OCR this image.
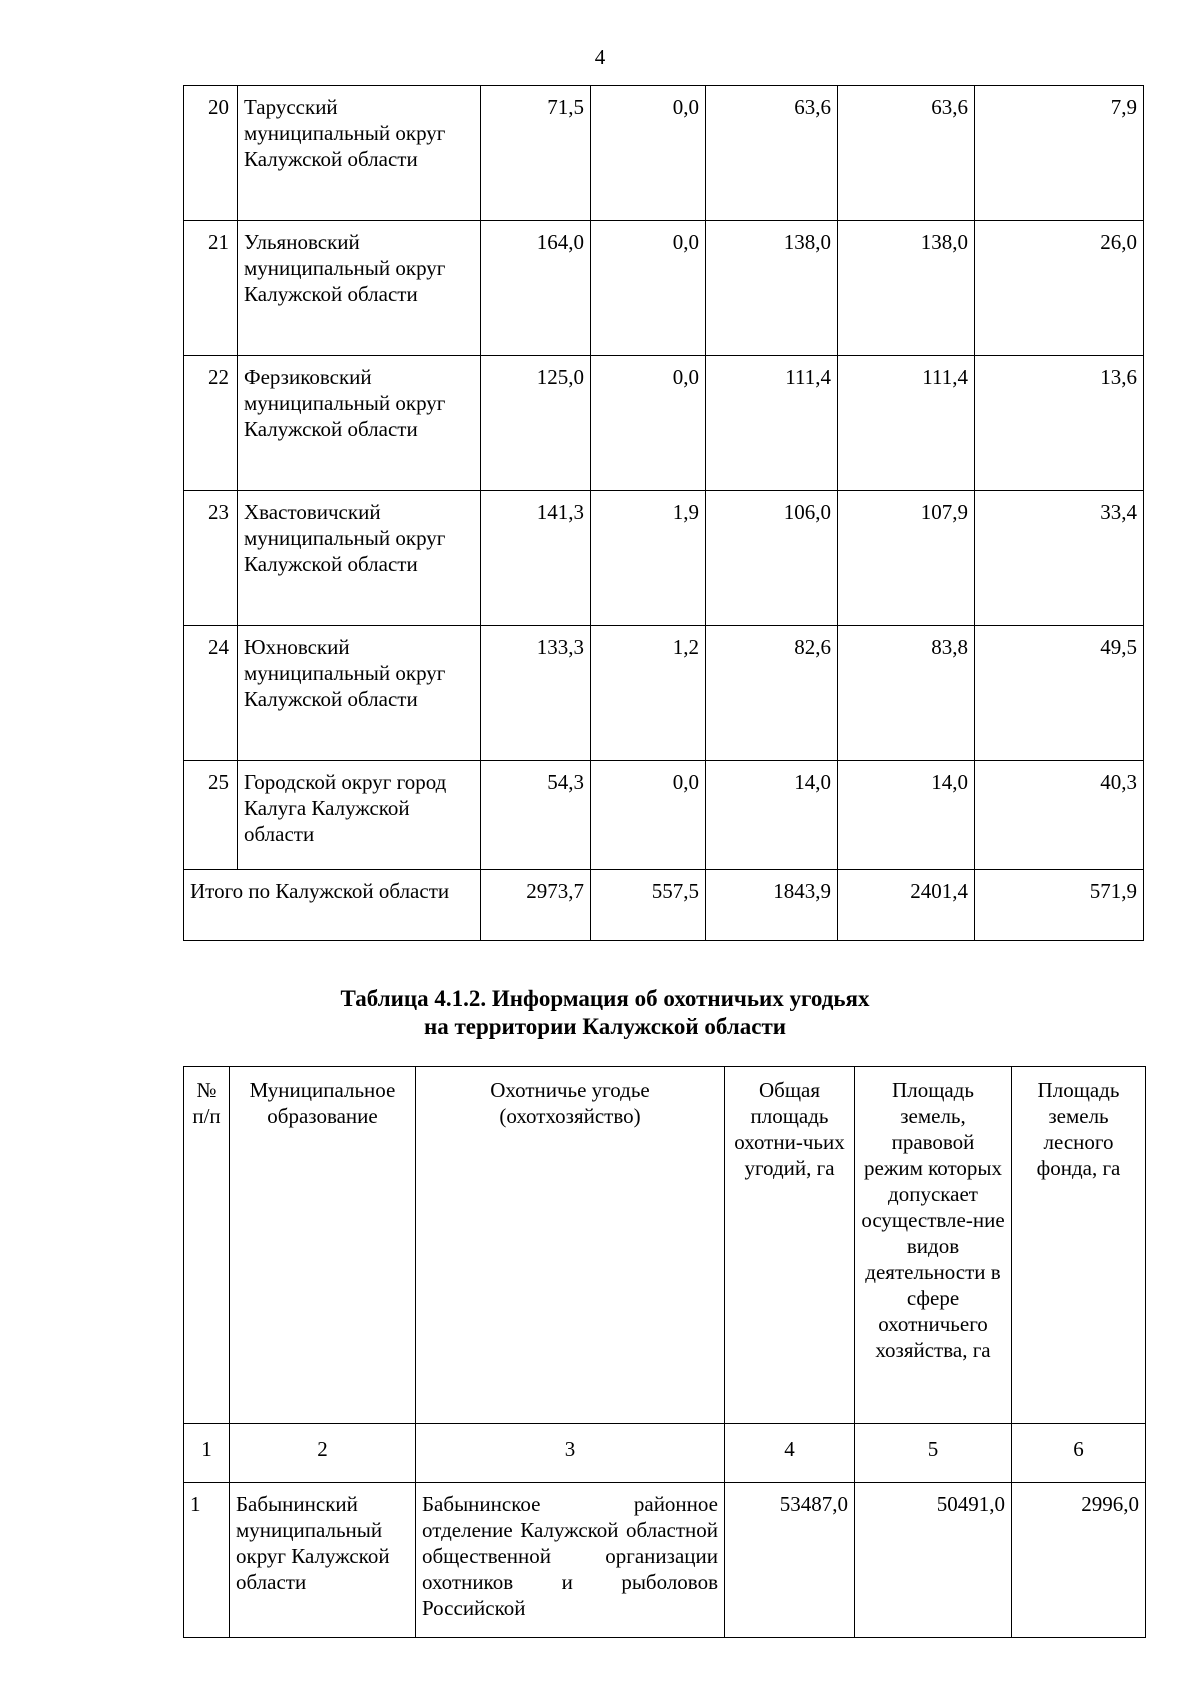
4
20	Тарусский муниципальный округ Калужской области	71,5	0,0	63,6	63,6	7,9
21	Ульяновский муниципальный округ Калужской области	164,0	0,0	138,0	138,0	26,0
22	Ферзиковский муниципальный округ Калужской области	125,0	0,0	111,4	111,4	13,6
23	Хвастовичский муниципальный округ Калужской области	141,3	1,9	106,0	107,9	33,4
24	Юхновский муниципальный округ Калужской области	133,3	1,2	82,6	83,8	49,5
25	Городской округ город Калуга Калужской области	54,3	0,0	14,0	14,0	40,3
Итого по Калужской области		2973,7	557,5	1843,9	2401,4	571,9
Таблица 4.1.2. Информация об охотничьих угодьях
на территории Калужской области
№ п/п	Муниципальное образование	Охотничье угодье (охотхозяйство)	Общая площадь охотни-чьих угодий, га	Площадь земель, правовой режим которых допускает осуществле-ние видов деятельности в сфере охотничьего хозяйства, га	Площадь земель лесного фонда, га
1	2	3	4	5	6
1	Бабынинский муниципальный округ Калужской области	Бабынинское районное отделение Калужской областной общественной организации охотников и рыболовов Российской	53487,0	50491,0	2996,0
